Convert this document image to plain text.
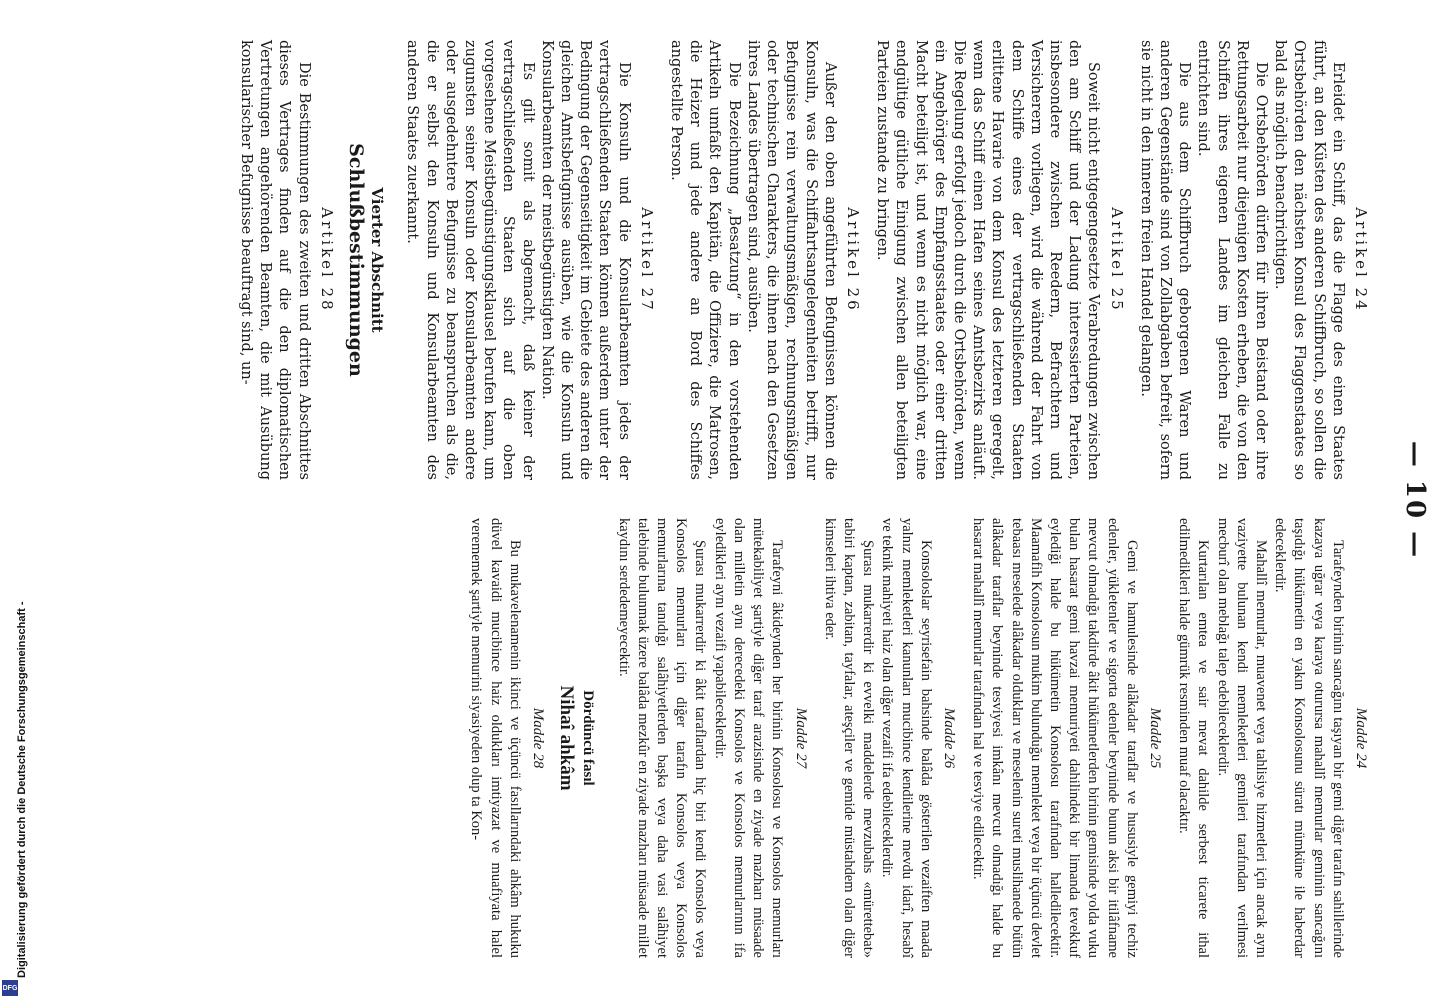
— 10 —
Artikel 24

Erleidet ein Schiff, das die Flagge des einen Staates führt, an den Küsten des anderen Schiffbruch, so sollen die Ortsbehörden den nächsten Konsul des Flaggenstaates so bald als möglich benachrichtigen.

Die Ortsbehörden dürfen für ihren Beistand oder ihre Rettungsarbeit nur diejenigen Kosten erheben, die von den Schiffen ihres eigenen Landes im gleichen Falle zu entrichten sind.

Die aus dem Schiffbruch geborgenen Waren und anderen Gegenstände sind von Zollabgaben befreit, sofern sie nicht in den inneren freien Handel gelangen.

Artikel 25

Soweit nicht entgegengesetzte Verabredungen zwischen den am Schiff und der Ladung interessierten Parteien, insbesondere zwischen Reedern, Befrachtern und Versicherern vorliegen, wird die während der Fahrt von dem Schiffe eines der vertragschließenden Staaten erlittene Havarie von dem Konsul des letzteren geregelt, wenn das Schiff einen Hafen seines Amtsbezirks anläuft. Die Regelung erfolgt jedoch durch die Ortsbehörden, wenn ein Angehöriger des Empfangsstaates oder einer dritten Macht beteiligt ist, und wenn es nicht möglich war, eine endgültige gütliche Einigung zwischen allen beteiligten Parteien zustande zu bringen.

Artikel 26

Außer den oben angeführten Befugnissen können die Konsuln, was die Schiffahrtsangelegenheiten betrifft, nur Befugnisse rein verwaltungsmäßigen, rechnungsmäßigen oder technischen Charakters, die ihnen nach den Gesetzen ihres Landes übertragen sind, ausüben.

Die Bezeichnung „Besatzung“ in den vorstehenden Artikeln umfaßt den Kapitän, die Offiziere, die Matrosen, die Heizer und jede andere an Bord des Schiffes angestellte Person.

Artikel 27

Die Konsuln und die Konsularbeamten jedes der vertragschließenden Staaten können außerdem unter der Bedingung der Gegenseitigkeit im Gebiete des anderen die gleichen Amtsbefugnisse ausüben, wie die Konsuln und Konsularbeamten der meistbegünstigten Nation.

Es gilt somit als abgemacht, daß keiner der vertragschließenden Staaten sich auf die oben vorgesehene Meistbegünstigungsklausel berufen kann, um zugunsten seiner Konsuln oder Konsularbeamten andere oder ausgedehntere Befugnisse zu beanspruchen als die, die er selbst den Konsuln und Konsularbeamten des anderen Staates zuerkannt.

Vierter Abschnitt
Schlußbestimmungen
Artikel 28

Die Bestimmungen des zweiten und dritten Abschnittes dieses Vertrages finden auf die den diplomatischen Vertretungen angehörenden Beamten, die mit Ausübung konsularischer Befugnisse beauftragt sind, un-

Madde 24

Tarafeynden birinin sancağını taşıyan bir gemi diğer tarafın sahillerinde kazaya uğrar veya karaya oturursa mahallî memurlar geminin sancağını taşıdığı hükümetin en yakın Konsolosunu süratı mümküne ile haberdar edeceklerdir.

Mahallî memurlar, muavenet veya tahlisiye hizmetleri için ancak aynı vaziyette bulunan kendi memleketleri gemileri tarafından verilmesi mecburî olan meblağı talep edebileceklerdir.

Kurtarılan emtea ve sair mevat dahilde serbest ticarete ithal edilmedikleri halde gümrük resminden muaf olacaktır.

Madde 25

Gemi ve hamulesinde alâkadar taraflar ve hususiyle gemiyi techiz edenler, yükletenler ve sigorta edenler beyninde bunun aksi bir itilâfname mevcut olmadığı takdirde âkit hükümetlerden birinin gemisinde yolda vuku bulan hasarat gemi havzai memuriyeti dahilindeki bir limanda tevekkuf eylediği halde bu hükümetin Konsolosu tarafından halledilecektir. Maamafih Konsolosun mukim bulunduğu memleket veya bir üçüncü devlet tebaası meselede alâkadar oldukları ve meselenin sureti muslihanede bütün alâkadar taraflar beyninde tesviyesi imkânı mevcut olmadığı halde bu hasarat mahallî memurlar tarafından hal ve tesviye edilecektir.

Madde 26

Konsoloslar seyrisefain bahsinde balâda gösterilen vezaiften maada yalnız memleketleri kanunları mucibince kendilerine mevdu idarî, hesabî ve teknik mahiyeti haiz olan diğer vezaifi ifa edebileceklerdir.

Şurası mukarrerdir ki evvelki maddelerde mevzubahs «mürettebat» tabiri kaptan, zabitan, tayfalar, ateşçiler ve gemide müstahdem olan diğer kimseleri ihtiva eder.

Madde 27

Tarafeyni âkideynden her birinin Konsolosu ve Konsolos memurları mütekabiliyet şartiyle diğer taraf arazisinde en ziyade mazharı müsaade olan milletin aynı derecedeki Konsolos ve Konsolos memurlarının ifa eyledikleri aynı vezaifi yapabileceklerdir.

Şurası mukarrerdir ki âkit taraflardan hiç biri kendi Konsolos veya Konsolos memurları için diğer tarafın Konsolos veya Konsolos memurlarına tanıdığı salâhiyetlerden başka veya daha vasi salâhiyet talebinde bulunmak üzere balâda mezkûr en ziyade mazharı müsaade millet kaydını serdedemeyecektir.

Dördüncü fasıl
Nihaî ahkâm
Madde 28

Bu mukavelenamenin ikinci ve üçüncü fasıllarındaki ahkâm hukuku düvel kavaidi mucibince haiz oldukları imtiyazat ve muafiyata halel verememek şartiyle memurini siyasiyeden olup ta Kon-

Digitalisierung gefördert durch die Deutsche Forschungsgemeinschaft -
DFG
